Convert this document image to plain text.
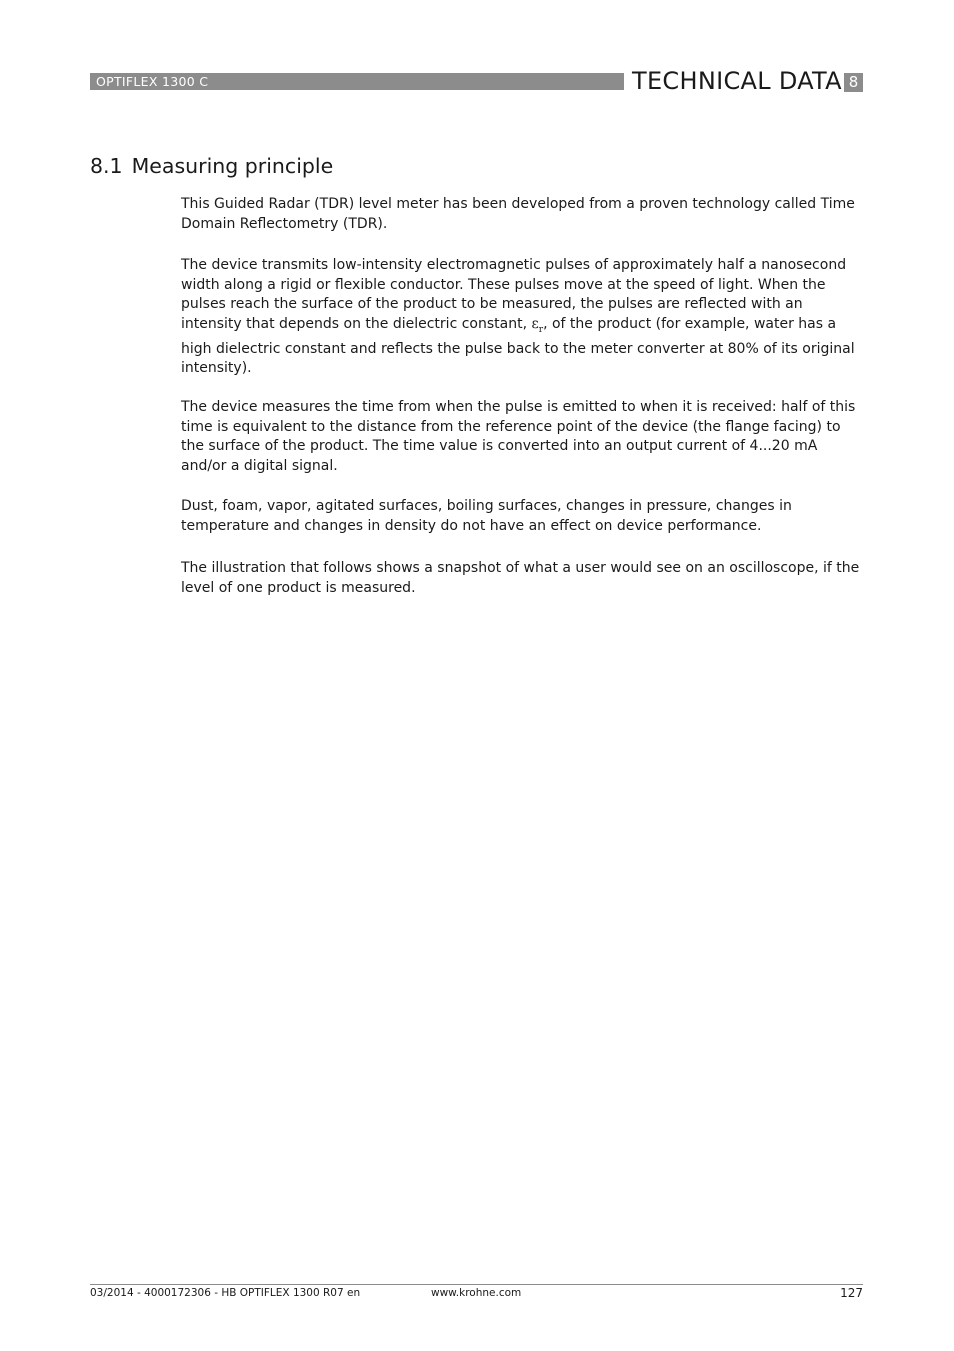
OPTIFLEX 1300 C	TECHNICAL DATA 8
8.1 Measuring principle

This Guided Radar (TDR) level meter has been developed from a proven technology called Time Domain Reflectometry (TDR).

The device transmits low-intensity electromagnetic pulses of approximately half a nanosecond width along a rigid or flexible conductor. These pulses move at the speed of light. When the pulses reach the surface of the product to be measured, the pulses are reflected with an intensity that depends on the dielectric constant, $\varepsilon_r$, of the product (for example, water has a high dielectric constant and reflects the pulse back to the meter converter at 80% of its original intensity).

The device measures the time from when the pulse is emitted to when it is received: half of this time is equivalent to the distance from the reference point of the device (the flange facing) to the surface of the product. The time value is converted into an output current of 4...20 mA and/or a digital signal.

Dust, foam, vapor, agitated surfaces, boiling surfaces, changes in pressure, changes in temperature and changes in density do not have an effect on device performance.

The illustration that follows shows a snapshot of what a user would see on an oscilloscope, if the level of one product is measured.

03/2014 - 4000172306 - HB OPTIFLEX 1300 R07 en	www.krohne.com	127
